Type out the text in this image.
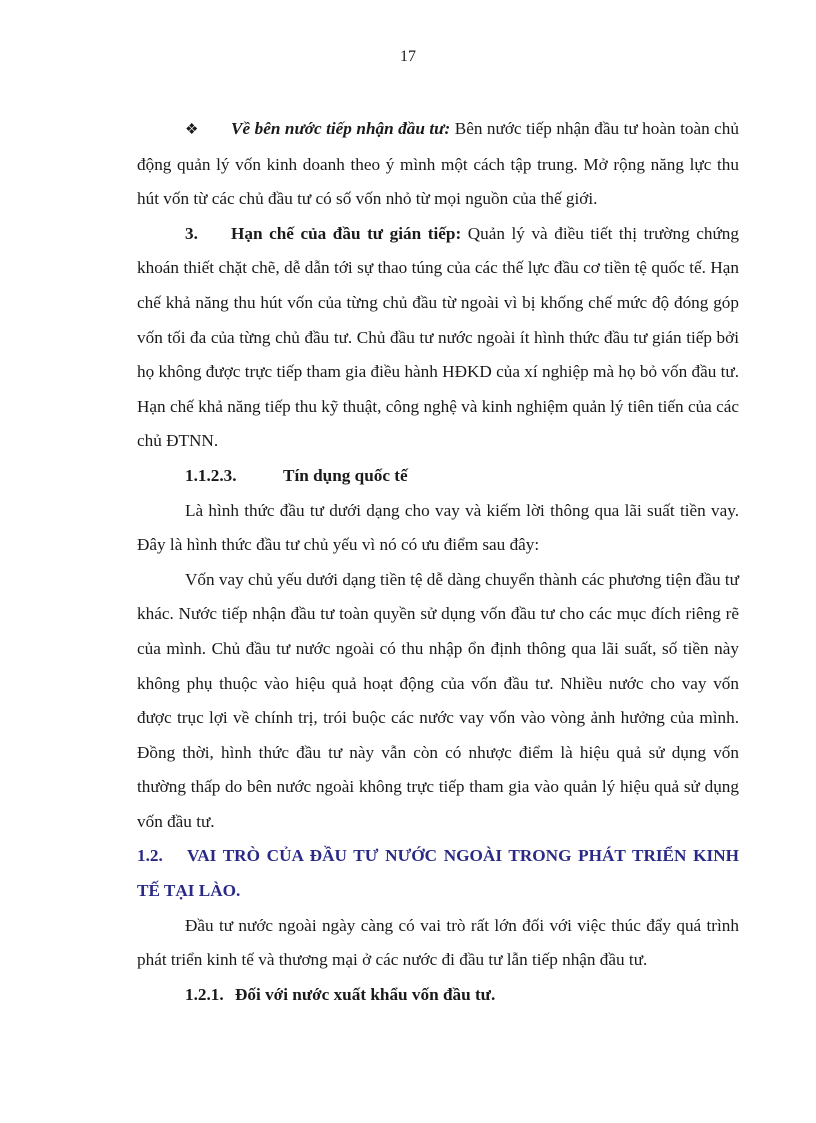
17

❖ Về bên nước tiếp nhận đầu tư: Bên nước tiếp nhận đầu tư hoàn toàn chủ động quản lý vốn kinh doanh theo ý mình một cách tập trung. Mở rộng năng lực thu hút vốn từ các chủ đầu tư có số vốn nhỏ từ mọi nguồn của thế giới.

3. Hạn chế của đầu tư gián tiếp: Quản lý và điều tiết thị trường chứng khoán thiết chặt chẽ, dễ dẫn tới sự thao túng của các thế lực đầu cơ tiền tệ quốc tế. Hạn chế khả năng thu hút vốn của từng chủ đầu từ ngoài vì bị khống chế mức độ đóng góp vốn tối đa của từng chủ đầu tư. Chủ đầu tư nước ngoài ít hình thức đầu tư gián tiếp bởi họ không được trực tiếp tham gia điều hành HĐKD của xí nghiệp mà họ bỏ vốn đầu tư. Hạn chế khả năng tiếp thu kỹ thuật, công nghệ và kinh nghiệm quản lý tiên tiến của các chủ ĐTNN.

1.1.2.3.	Tín dụng quốc tế

Là hình thức đầu tư dưới dạng cho vay và kiếm lời thông qua lãi suất tiền vay. Đây là hình thức đầu tư chủ yếu vì nó có ưu điểm sau đây:

Vốn vay chủ yếu dưới dạng tiền tệ dễ dàng chuyển thành các phương tiện đầu tư khác. Nước tiếp nhận đầu tư toàn quyền sử dụng vốn đầu tư cho các mục đích riêng rẽ của mình. Chủ đầu tư nước ngoài có thu nhập ổn định thông qua lãi suất, số tiền này không phụ thuộc vào hiệu quả hoạt động của vốn đầu tư. Nhiều nước cho vay vốn được trục lợi về chính trị, trói buộc các nước vay vốn vào vòng ảnh hưởng của mình. Đồng thời, hình thức đầu tư này vẫn còn có nhược điểm là hiệu quả sử dụng vốn thường thấp do bên nước ngoài không trực tiếp tham gia vào quản lý hiệu quả sử dụng vốn đầu tư.

1.2. VAI TRÒ CỦA ĐẦU TƯ NƯỚC NGOÀI TRONG PHÁT TRIỂN KINH TẾ TẠI LÀO.

Đầu tư nước ngoài ngày càng có vai trò rất lớn đối với việc thúc đẩy quá trình phát triển kinh tế và thương mại ở các nước đi đầu tư lẫn tiếp nhận đầu tư.

1.2.1. Đối với nước xuất khẩu vốn đầu tư.
